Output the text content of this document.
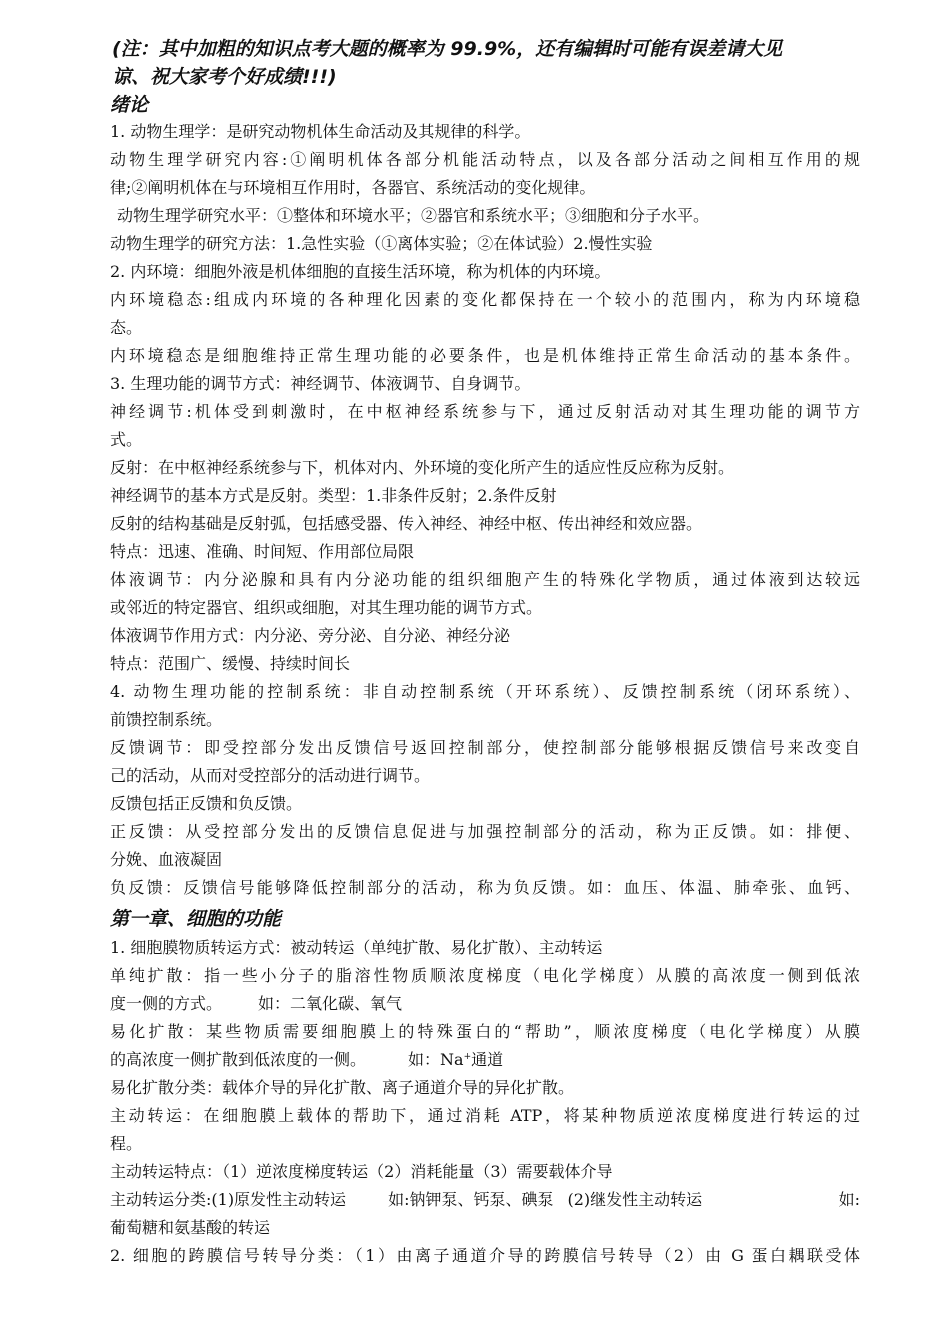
(注：其中加粗的知识点考大题的概率为 99.9%，还有编辑时可能有误差请大见
谅、祝大家考个好成绩!!!)
绪论
1. 动物生理学：是研究动物机体生命活动及其规律的科学。
动物生理学研究内容:①阐明机体各部分机能活动特点，以及各部分活动之间相互作用的规
律;②阐明机体在与环境相互作用时，各器官、系统活动的变化规律。
动物生理学研究水平：①整体和环境水平；②器官和系统水平；③细胞和分子水平。
动物生理学的研究方法：1.急性实验（①离体实验；②在体试验）2.慢性实验
2. 内环境：细胞外液是机体细胞的直接生活环境，称为机体的内环境。
内环境稳态:组成内环境的各种理化因素的变化都保持在一个较小的范围内，称为内环境稳
态。
内环境稳态是细胞维持正常生理功能的必要条件，也是机体维持正常生命活动的基本条件。
3. 生理功能的调节方式：神经调节、体液调节、自身调节。
神经调节:机体受到刺激时，在中枢神经系统参与下，通过反射活动对其生理功能的调节方
式。
反射：在中枢神经系统参与下，机体对内、外环境的变化所产生的适应性反应称为反射。
神经调节的基本方式是反射。类型：1.非条件反射；2.条件反射
反射的结构基础是反射弧，包括感受器、传入神经、神经中枢、传出神经和效应器。
特点：迅速、准确、时间短、作用部位局限
体液调节：内分泌腺和具有内分泌功能的组织细胞产生的特殊化学物质，通过体液到达较远
或邻近的特定器官、组织或细胞，对其生理功能的调节方式。
体液调节作用方式：内分泌、旁分泌、自分泌、神经分泌
特点：范围广、缓慢、持续时间长
4. 动物生理功能的控制系统：非自动控制系统（开环系统）、反馈控制系统（闭环系统）、
前馈控制系统。
反馈调节：即受控部分发出反馈信号返回控制部分，使控制部分能够根据反馈信号来改变自
己的活动，从而对受控部分的活动进行调节。
反馈包括正反馈和负反馈。
正反馈：从受控部分发出的反馈信息促进与加强控制部分的活动，称为正反馈。如：排便、
分娩、血液凝固
负反馈：反馈信号能够降低控制部分的活动，称为负反馈。如：血压、体温、肺牵张、血钙、
第一章、细胞的功能
1. 细胞膜物质转运方式：被动转运（单纯扩散、易化扩散）、主动转运
单纯扩散：指一些小分子的脂溶性物质顺浓度梯度（电化学梯度）从膜的高浓度一侧到低浓
度一侧的方式。 如：二氧化碳、氧气
易化扩散：某些物质需要细胞膜上的特殊蛋白的“帮助”，顺浓度梯度（电化学梯度）从膜
的高浓度一侧扩散到低浓度的一侧。	如：Na+通道
易化扩散分类：载体介导的异化扩散、离子通道介导的异化扩散。
主动转运：在细胞膜上载体的帮助下，通过消耗 ATP，将某种物质逆浓度梯度进行转运的过
程。
主动转运特点：（1）逆浓度梯度转运（2）消耗能量（3）需要载体介导
主动转运分类:(1)原发性主动转运	如:钠钾泵、钙泵、碘泵 (2)继发性主动转运	如:
葡萄糖和氨基酸的转运
2. 细胞的跨膜信号转导分类：（1）由离子通道介导的跨膜信号转导（2）由 G 蛋白耦联受体
